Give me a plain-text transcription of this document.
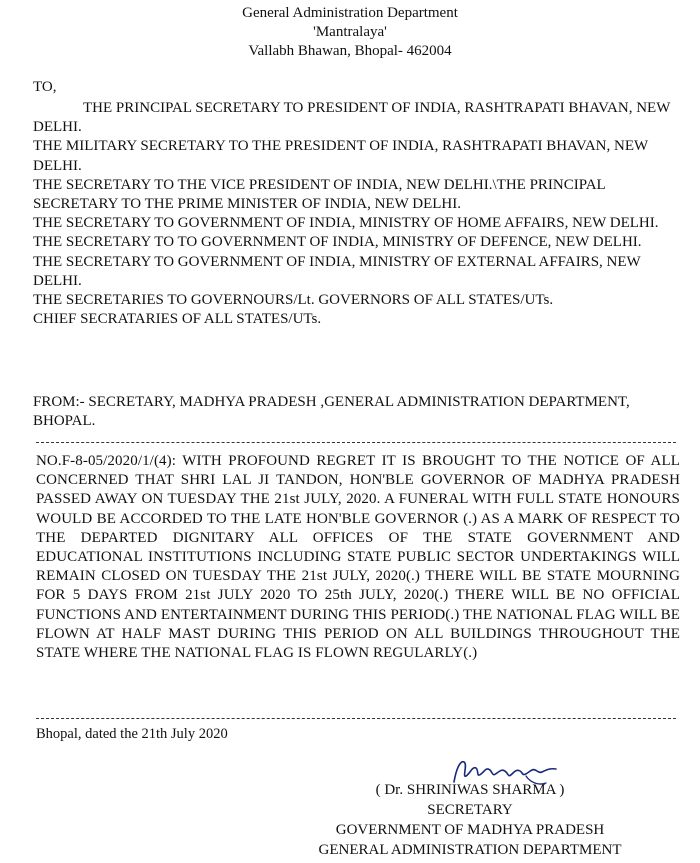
General Administration Department
'Mantralaya'
Vallabh Bhawan, Bhopal- 462004
TO,
THE PRINCIPAL SECRETARY TO PRESIDENT OF INDIA, RASHTRAPATI BHAVAN, NEW DELHI.
THE MILITARY SECRETARY TO THE PRESIDENT OF INDIA, RASHTRAPATI BHAVAN, NEW DELHI.
THE SECRETARY TO THE VICE PRESIDENT OF INDIA, NEW DELHI.\THE PRINCIPAL SECRETARY TO THE PRIME MINISTER OF INDIA, NEW DELHI.
THE SECRETARY TO GOVERNMENT OF INDIA, MINISTRY OF HOME AFFAIRS, NEW DELHI.
THE SECRETARY TO TO GOVERNMENT OF INDIA, MINISTRY OF DEFENCE, NEW DELHI.
THE SECRETARY TO GOVERNMENT OF INDIA, MINISTRY OF EXTERNAL AFFAIRS, NEW DELHI.
THE SECRETARIES TO GOVERNOURS/Lt. GOVERNORS OF ALL STATES/UTs.
CHIEF SECRATARIES OF ALL STATES/UTs.
FROM:- SECRETARY, MADHYA PRADESH ,GENERAL ADMINISTRATION DEPARTMENT, BHOPAL.
NO.F-8-05/2020/1/(4): WITH PROFOUND REGRET IT IS BROUGHT TO THE NOTICE OF ALL CONCERNED THAT SHRI LAL JI TANDON, HON'BLE GOVERNOR OF MADHYA PRADESH PASSED AWAY ON TUESDAY THE 21st JULY, 2020. A FUNERAL WITH FULL STATE HONOURS WOULD BE ACCORDED TO THE LATE HON'BLE GOVERNOR (.) AS A MARK OF RESPECT TO THE DEPARTED DIGNITARY ALL OFFICES OF THE STATE GOVERNMENT AND EDUCATIONAL INSTITUTIONS INCLUDING STATE PUBLIC SECTOR UNDERTAKINGS WILL REMAIN CLOSED ON TUESDAY THE 21st JULY, 2020(.) THERE WILL BE STATE MOURNING FOR 5 DAYS FROM 21st JULY 2020 TO 25th JULY, 2020(.) THERE WILL BE NO OFFICIAL FUNCTIONS AND ENTERTAINMENT DURING THIS PERIOD(.) THE NATIONAL FLAG WILL BE FLOWN AT HALF MAST DURING THIS PERIOD ON ALL BUILDINGS THROUGHOUT THE STATE WHERE THE NATIONAL FLAG IS FLOWN REGULARLY(.)
Bhopal, dated the 21th July 2020
( Dr. SHRINIWAS SHARMA )
SECRETARY
GOVERNMENT OF MADHYA PRADESH
GENERAL ADMINISTRATION DEPARTMENT
